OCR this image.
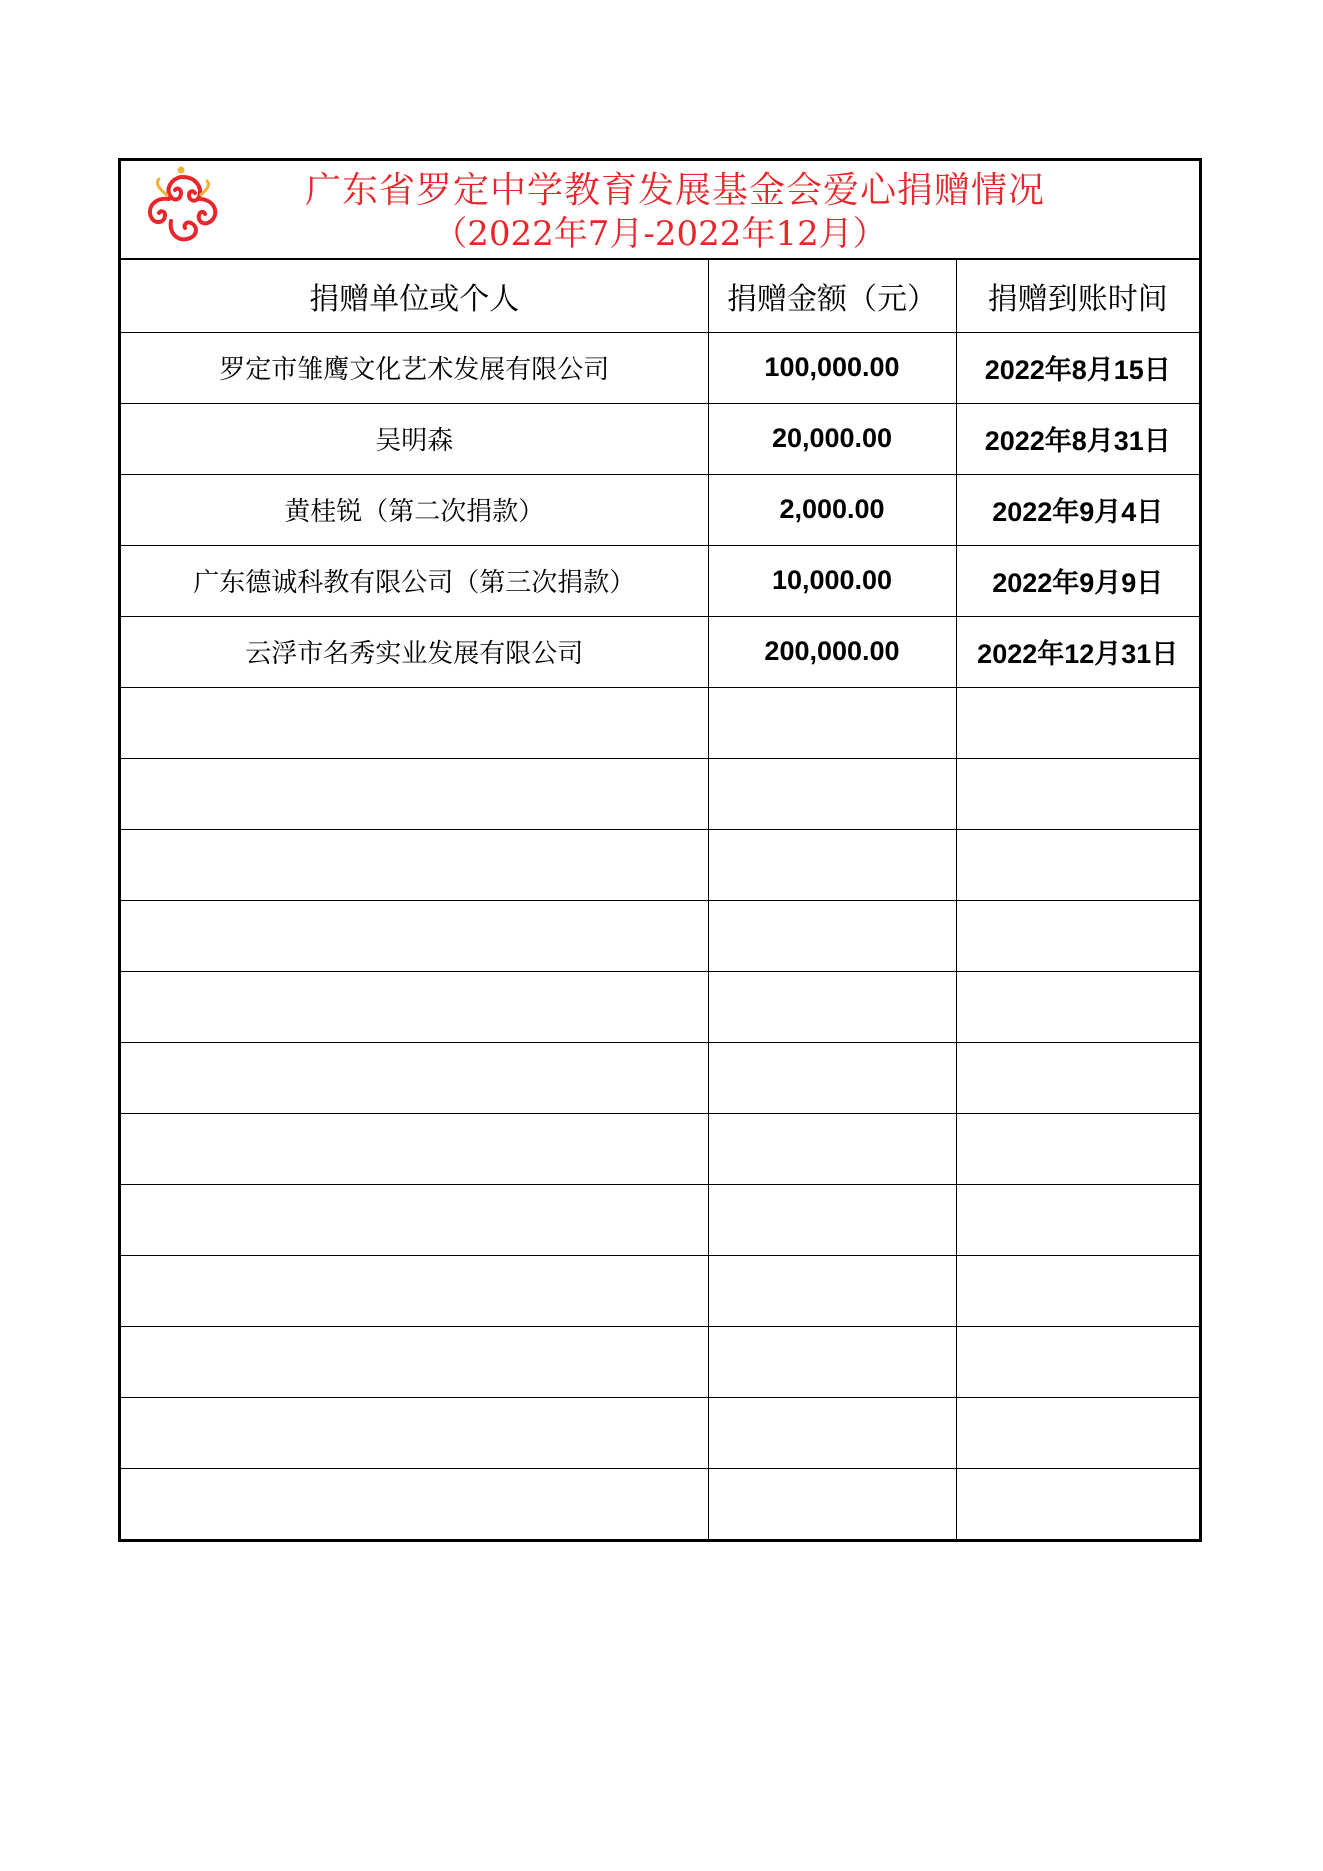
广东省罗定中学教育发展基金会爱心捐赠情况
（2022年7月-2022年12月）
捐赠单位或个人	捐赠金额（元）	捐赠到账时间
罗定市雏鹰文化艺术发展有限公司	100,000.00	2022年8月15日
吴明森	20,000.00	2022年8月31日
黄桂锐（第二次捐款）	2,000.00	2022年9月4日
广东德诚科教有限公司（第三次捐款）	10,000.00	2022年9月9日
云浮市名秀实业发展有限公司	200,000.00	2022年12月31日
